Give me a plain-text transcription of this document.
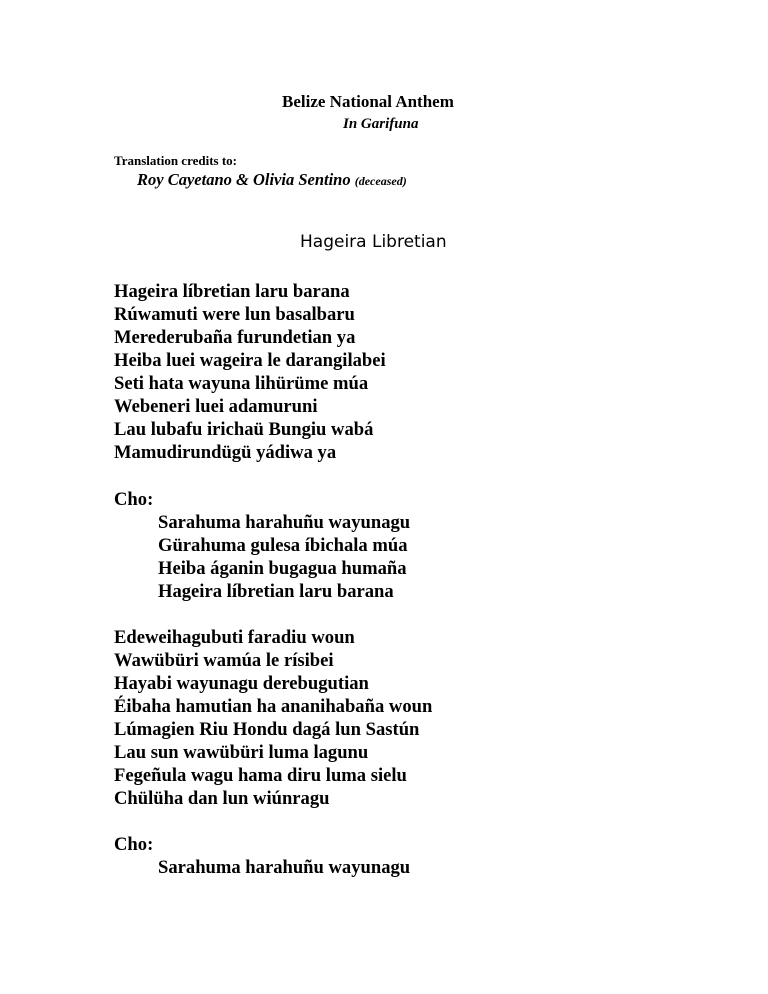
Belize National Anthem
In Garifuna
Translation credits to:
Roy Cayetano & Olivia Sentino (deceased)
Hageira Libretian
Hageira líbretian laru barana
Rúwamuti were lun basalbaru
Merederubaña furundetian ya
Heiba luei wageira le darangilabei
Seti hata wayuna lihürüme múa
Webeneri luei adamuruni
Lau lubafu irichaü Bungiu wabá
Mamudirundügü yádiwa ya
Cho:
Sarahuma harahuñu wayunagu
Gürahuma gulesa íbichala múa
Heiba áganin bugagua humaña
Hageira líbretian laru barana
Edeweihagubuti faradiu woun
Wawübüri wamúa le rísibei
Hayabi wayunagu derebugutian
Éibaha hamutian ha ananihabaña woun
Lúmagien Riu Hondu dagá lun Sastún
Lau sun wawübüri luma lagunu
Fegeñula wagu hama diru luma sielu
Chülüha dan lun wiúnragu
Cho:
Sarahuma harahuñu wayunagu
